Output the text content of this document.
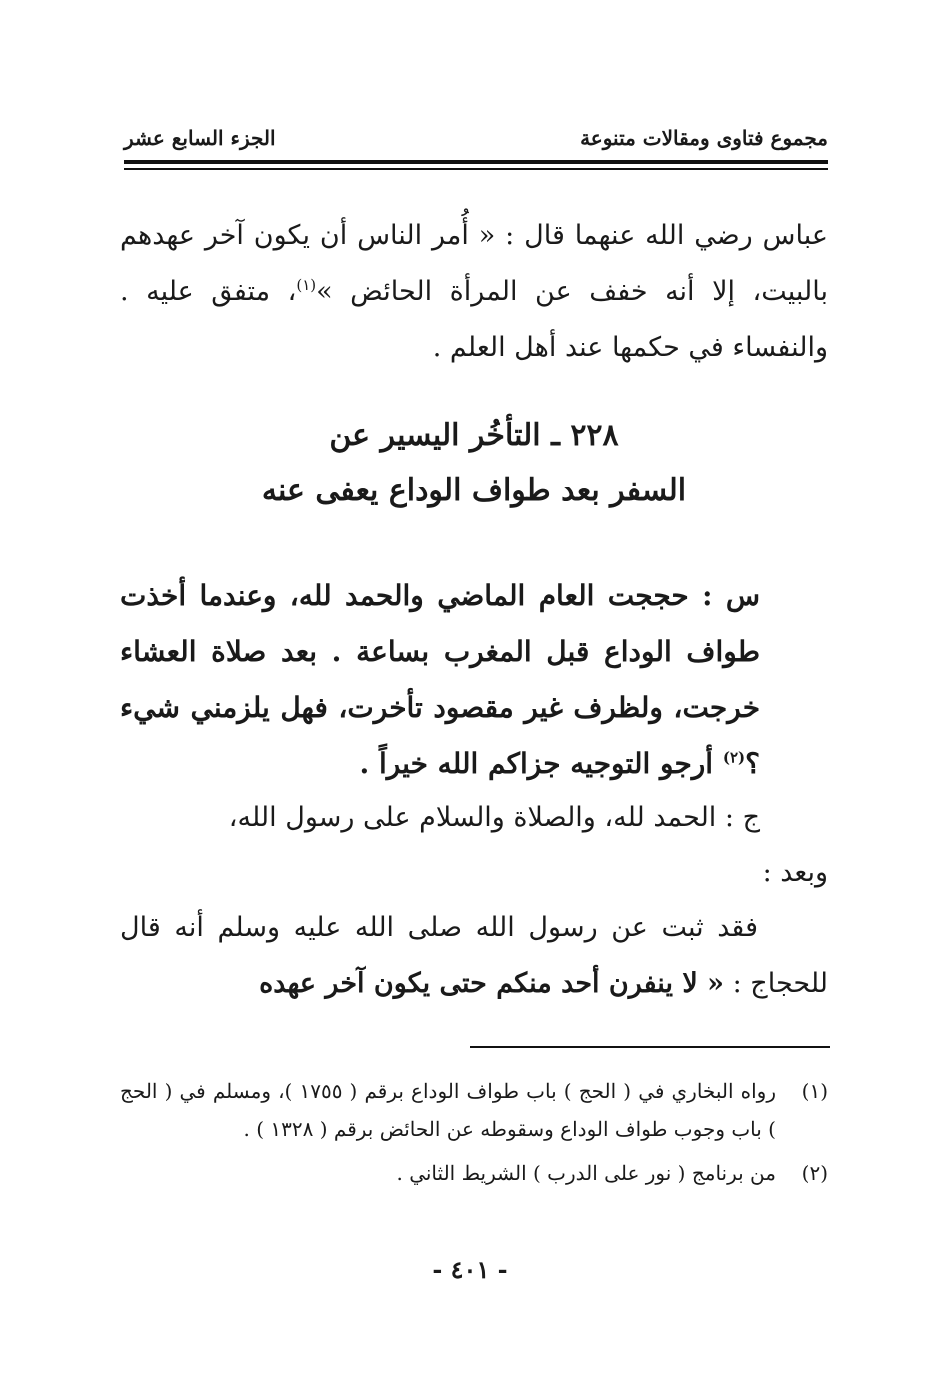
مجموع فتاوى ومقالات متنوعة
الجزء السابع عشر
عباس رضي الله عنهما قال : « أُمر الناس أن يكون آخر عهدهم بالبيت، إلا أنه خفف عن المرأة الحائض »$^{(١)}$، متفق عليه . والنفساء في حكمها عند أهل العلم .
٢٢٨ ـ التأخُر اليسير عن
السفر بعد طواف الوداع يعفى عنه
س : حججت العام الماضي والحمد لله، وعندما أخذت طواف الوداع قبل المغرب بساعة . بعد صلاة العشاء خرجت، ولظرف غير مقصود تأخرت، فهل يلزمني شيء ؟$^{(٢)}$ أرجو التوجيه جزاكم الله خيراً .
ج : الحمد لله، والصلاة والسلام على رسول الله،
وبعد :
فقد ثبت عن رسول الله صلى الله عليه وسلم أنه قال للحجاج : « لا ينفرن أحد منكم حتى يكون آخر عهده
(١)
رواه البخاري في ( الحج ) باب طواف الوداع برقم ( ١٧٥٥ )، ومسلم في ( الحج ) باب وجوب طواف الوداع وسقوطه عن الحائض برقم ( ١٣٢٨ ) .
(٢)
من برنامج ( نور على الدرب ) الشريط الثاني .
- ٤٠١ -
